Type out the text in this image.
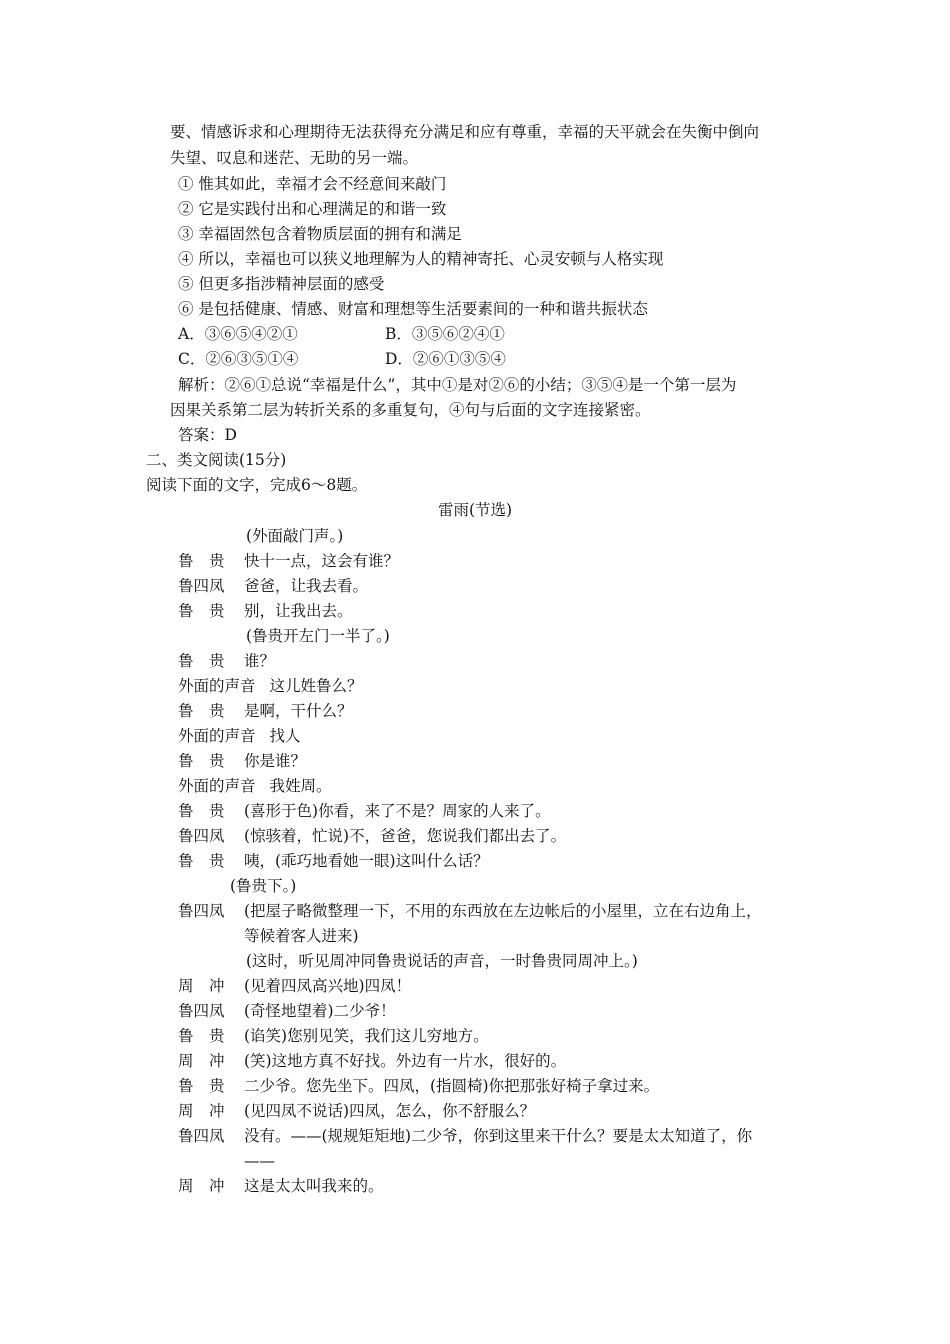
要、情感诉求和心理期待无法获得充分满足和应有尊重，幸福的天平就会在失衡中倒向
失望、叹息和迷茫、无助的另一端。
① 惟其如此，幸福才会不经意间来敲门
② 它是实践付出和心理满足的和谐一致
③ 幸福固然包含着物质层面的拥有和满足
④ 所以，幸福也可以狭义地理解为人的精神寄托、心灵安顿与人格实现
⑤ 但更多指涉精神层面的感受
⑥ 是包括健康、情感、财富和理想等生活要素间的一种和谐共振状态
A．③⑥⑤④②①	B．③⑤⑥②④①
C．②⑥③⑤①④	D．②⑥①③⑤④
解析：②⑥①总说“幸福是什么”，其中①是对②⑥的小结；③⑤④是一个第一层为
因果关系第二层为转折关系的多重复句，④句与后面的文字连接紧密。
答案：D
二、类文阅读(15分)
阅读下面的文字，完成6～8题。
雷雨(节选)
(外面敲门声。)
鲁　贵 快十一点，这会有谁？
鲁四凤 爸爸，让我去看。
鲁　贵 别，让我出去。
(鲁贵开左门一半了。)
鲁　贵 谁？
外面的声音 这儿姓鲁么？
鲁　贵 是啊，干什么？
外面的声音 找人
鲁　贵 你是谁？
外面的声音 我姓周。
鲁　贵 (喜形于色)你看，来了不是？周家的人来了。
鲁四凤 (惊骇着，忙说)不，爸爸，您说我们都出去了。
鲁　贵 咦，(乖巧地看她一眼)这叫什么话？
(鲁贵下。)
鲁四凤 (把屋子略微整理一下，不用的东西放在左边帐后的小屋里，立在右边角上，
等候着客人进来)
(这时，听见周冲同鲁贵说话的声音，一时鲁贵同周冲上。)
周　冲 (见着四凤高兴地)四凤！
鲁四凤 (奇怪地望着)二少爷！
鲁　贵 (谄笑)您别见笑，我们这儿穷地方。
周　冲 (笑)这地方真不好找。外边有一片水，很好的。
鲁　贵 二少爷。您先坐下。四凤，(指圆椅)你把那张好椅子拿过来。
周　冲 (见四凤不说话)四凤，怎么，你不舒服么？
鲁四凤 没有。——(规规矩矩地)二少爷，你到这里来干什么？要是太太知道了，你
——
周　冲 这是太太叫我来的。
